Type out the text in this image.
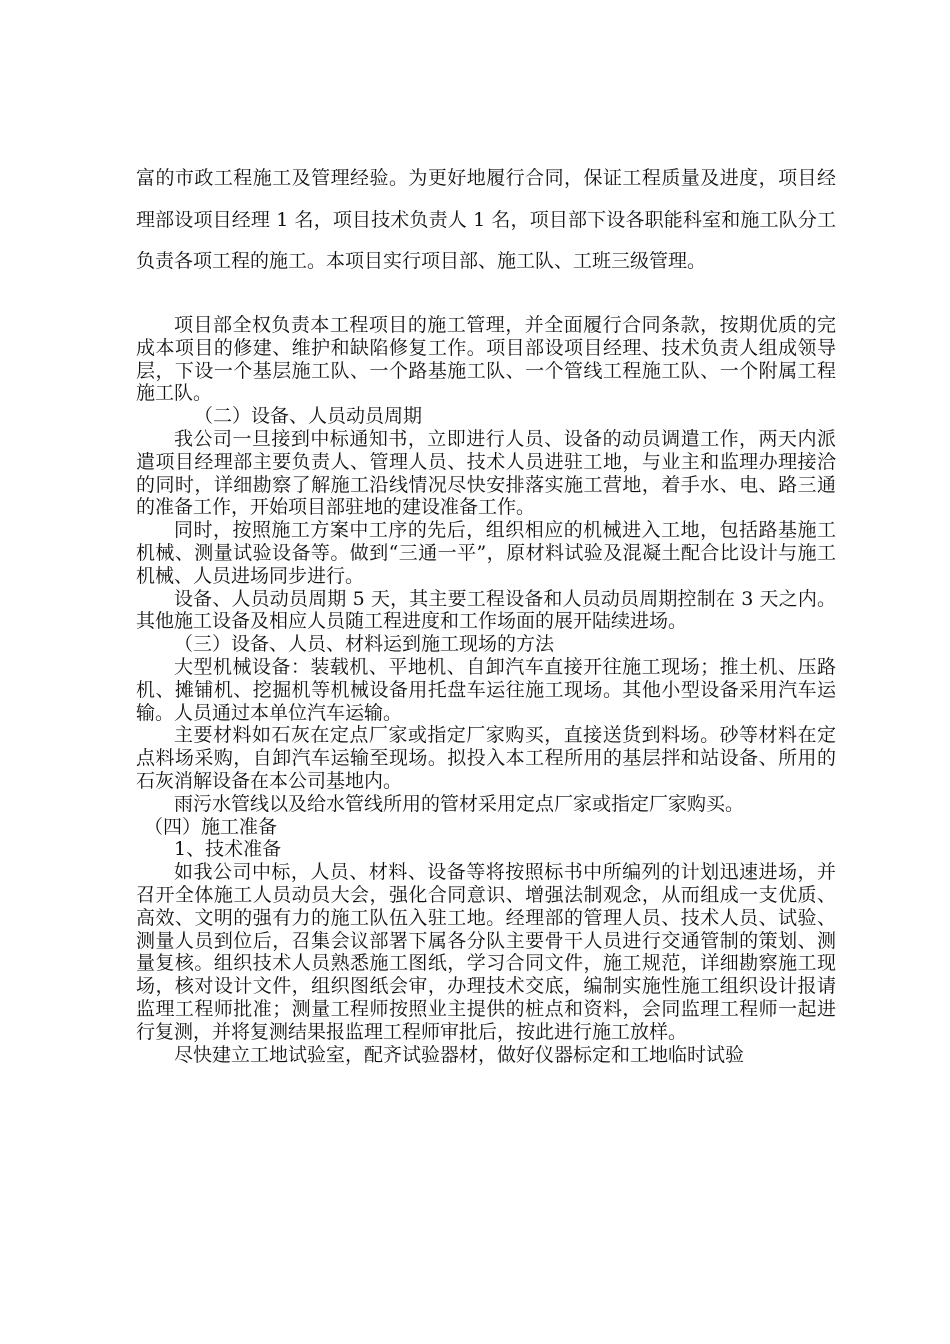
富的市政工程施工及管理经验。为更好地履行合同，保证工程质量及进度，项目经理部设项目经理 1 名，项目技术负责人 1 名，项目部下设各职能科室和施工队分工负责各项工程的施工。本项目实行项目部、施工队、工班三级管理。

项目部全权负责本工程项目的施工管理，并全面履行合同条款，按期优质的完成本项目的修建、维护和缺陷修复工作。项目部设项目经理、技术负责人组成领导层，下设一个基层施工队、一个路基施工队、一个管线工程施工队、一个附属工程施工队。

（二）设备、人员动员周期

我公司一旦接到中标通知书，立即进行人员、设备的动员调遣工作，两天内派遣项目经理部主要负责人、管理人员、技术人员进驻工地，与业主和监理办理接洽的同时，详细勘察了解施工沿线情况尽快安排落实施工营地，着手水、电、路三通的准备工作，开始项目部驻地的建设准备工作。

同时，按照施工方案中工序的先后，组织相应的机械进入工地，包括路基施工机械、测量试验设备等。做到“三通一平”，原材料试验及混凝土配合比设计与施工机械、人员进场同步进行。

设备、人员动员周期 5 天，其主要工程设备和人员动员周期控制在 3 天之内。其他施工设备及相应人员随工程进度和工作场面的展开陆续进场。

（三）设备、人员、材料运到施工现场的方法

大型机械设备：装载机、平地机、自卸汽车直接开往施工现场；推土机、压路机、摊铺机、挖掘机等机械设备用托盘车运往施工现场。其他小型设备采用汽车运输。人员通过本单位汽车运输。

主要材料如石灰在定点厂家或指定厂家购买，直接送货到料场。砂等材料在定点料场采购，自卸汽车运输至现场。拟投入本工程所用的基层拌和站设备、所用的石灰消解设备在本公司基地内。

雨污水管线以及给水管线所用的管材采用定点厂家或指定厂家购买。

（四）施工准备

1、技术准备

如我公司中标，人员、材料、设备等将按照标书中所编列的计划迅速进场，并召开全体施工人员动员大会，强化合同意识、增强法制观念，从而组成一支优质、高效、文明的强有力的施工队伍入驻工地。经理部的管理人员、技术人员、试验、测量人员到位后，召集会议部署下属各分队主要骨干人员进行交通管制的策划、测量复核。组织技术人员熟悉施工图纸，学习合同文件，施工规范，详细勘察施工现场，核对设计文件，组织图纸会审，办理技术交底，编制实施性施工组织设计报请监理工程师批准；测量工程师按照业主提供的桩点和资料，会同监理工程师一起进行复测，并将复测结果报监理工程师审批后，按此进行施工放样。

尽快建立工地试验室，配齐试验器材，做好仪器标定和工地临时试验
